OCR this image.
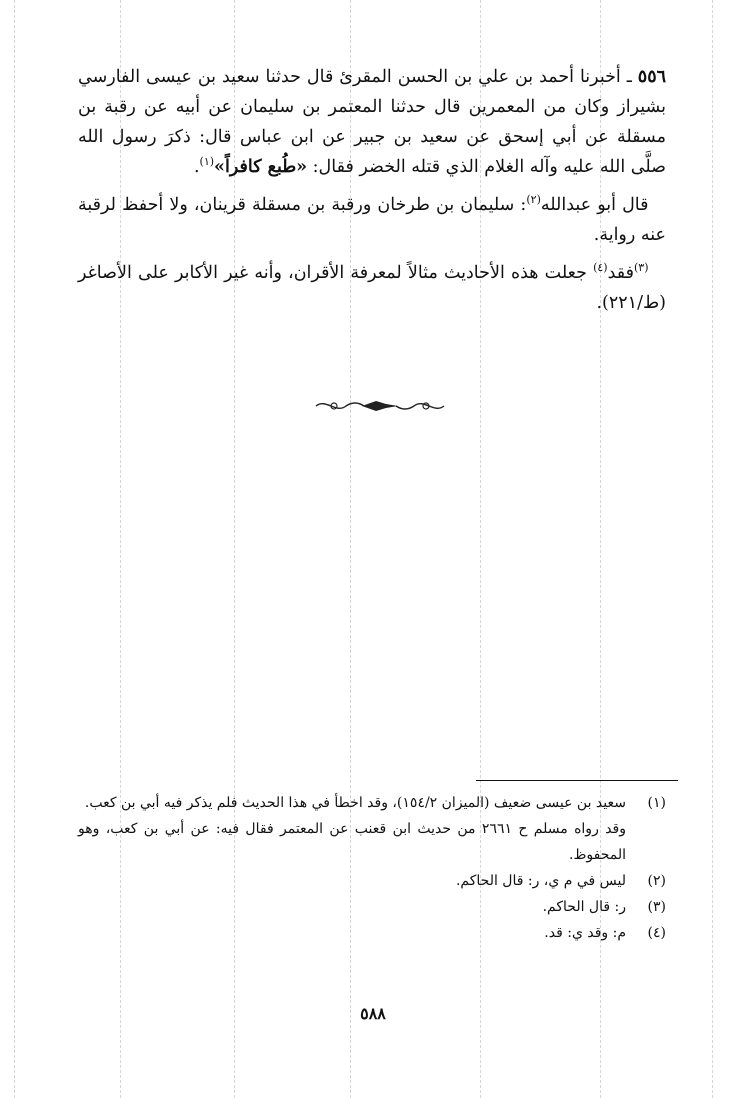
٥٥٦ ـ أخبرنا أحمد بن علي بن الحسن المقرئ قال حدثنا سعيد بن عيسى الفارسي بشيراز وكان من المعمرين قال حدثنا المعتمر بن سليمان عن أبيه عن رقبة بن مسقلة عن أبي إسحق عن سعيد بن جبير عن ابن عباس قال: ذكرَ رسول الله صلَّى الله عليه وآله الغلام الذي قتله الخضر فقال: «طُبع كافراً»$^{(١)}$.

 قال أبو عبدالله$^{(٢)}$: سليمان بن طرخان ورقبة بن مسقلة قرينان، ولا أحفظ لرقبة عنه رواية.

 $^{(٣)}$فقد$^{(٤)}$ جعلت هذه الأحاديث مثالاً لمعرفة الأقران، وأنه غير الأكابر على الأصاغر (ط/٢٢١).

(١)
سعيد بن عيسى ضعيف (الميزان ١٥٤/٢)، وقد اخطأ في هذا الحديث فلم يذكر فيه أبي بن كعب.

وقد رواه مسلم ح ٢٦٦١ من حديث ابن قعنب عن المعتمر فقال فيه: عن أبي بن كعب، وهو المحفوظ.

(٢)
ليس في م ي، ر: قال الحاكم.
(٣)
ر: قال الحاكم.
(٤)
م: وقد ي: قد.
٥٨٨
